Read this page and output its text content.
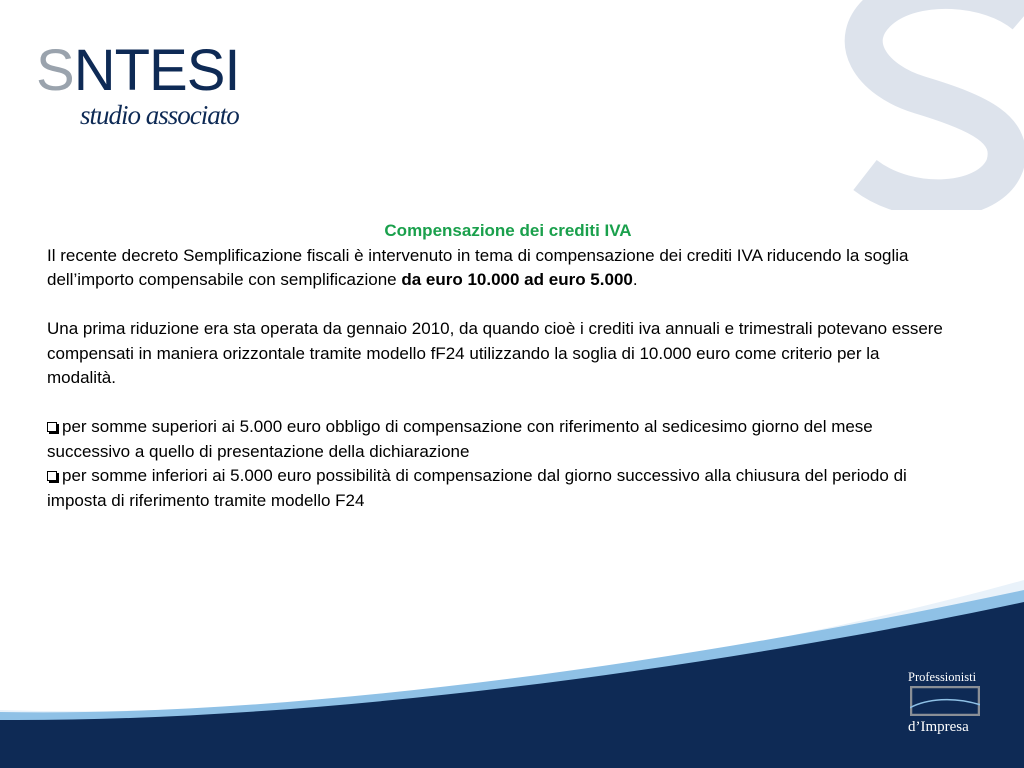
SNTESI
studio associato
Compensazione dei crediti IVA

Il recente decreto Semplificazione fiscali è intervenuto in tema di compensazione dei crediti IVA riducendo la soglia dell’importo compensabile con semplificazione da euro 10.000 ad euro 5.000.

Una prima riduzione era sta operata da gennaio 2010, da quando cioè i crediti iva annuali e trimestrali potevano essere compensati in maniera orizzontale tramite modello fF24 utilizzando la soglia di 10.000 euro come criterio per la modalità.

per somme superiori ai 5.000 euro obbligo di compensazione con riferimento al sedicesimo giorno del mese successivo a quello di presentazione della dichiarazione

per somme inferiori ai 5.000 euro possibilità di compensazione dal giorno successivo alla chiusura del periodo di imposta di riferimento tramite modello F24

Professionisti
d’Impresa
